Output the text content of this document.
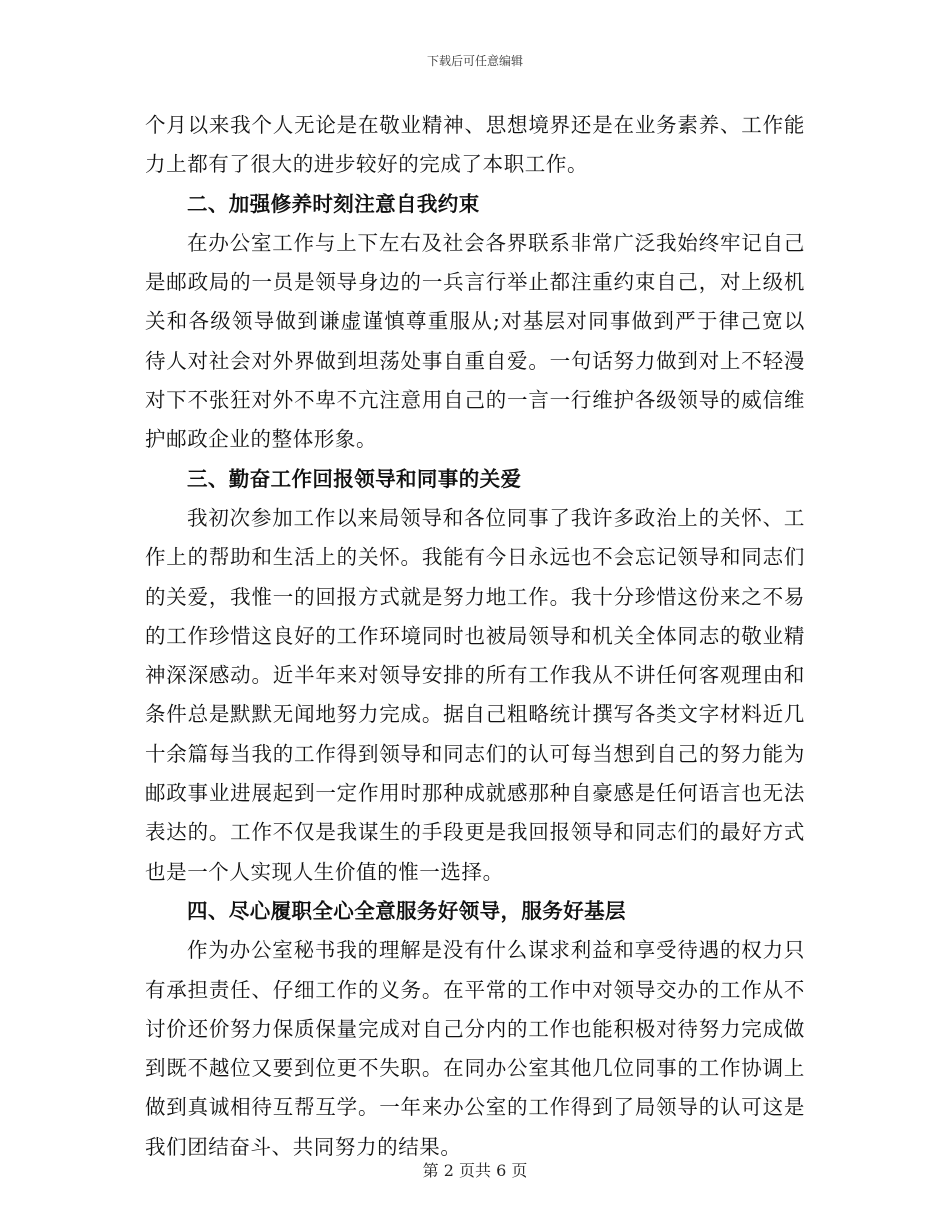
下载后可任意编辑

个月以来我个人无论是在敬业精神、思想境界还是在业务素养、工作能力上都有了很大的进步较好的完成了本职工作。

二、加强修养时刻注意自我约束

在办公室工作与上下左右及社会各界联系非常广泛我始终牢记自己是邮政局的一员是领导身边的一兵言行举止都注重约束自己，对上级机关和各级领导做到谦虚谨慎尊重服从;对基层对同事做到严于律己宽以待人对社会对外界做到坦荡处事自重自爱。一句话努力做到对上不轻漫对下不张狂对外不卑不亢注意用自己的一言一行维护各级领导的威信维护邮政企业的整体形象。

三、勤奋工作回报领导和同事的关爱

我初次参加工作以来局领导和各位同事了我许多政治上的关怀、工作上的帮助和生活上的关怀。我能有今日永远也不会忘记领导和同志们的关爱，我惟一的回报方式就是努力地工作。我十分珍惜这份来之不易的工作珍惜这良好的工作环境同时也被局领导和机关全体同志的敬业精神深深感动。近半年来对领导安排的所有工作我从不讲任何客观理由和条件总是默默无闻地努力完成。据自己粗略统计撰写各类文字材料近几十余篇每当我的工作得到领导和同志们的认可每当想到自己的努力能为邮政事业进展起到一定作用时那种成就感那种自豪感是任何语言也无法表达的。工作不仅是我谋生的手段更是我回报领导和同志们的最好方式也是一个人实现人生价值的惟一选择。

四、尽心履职全心全意服务好领导，服务好基层

作为办公室秘书我的理解是没有什么谋求利益和享受待遇的权力只有承担责任、仔细工作的义务。在平常的工作中对领导交办的工作从不讨价还价努力保质保量完成对自己分内的工作也能积极对待努力完成做到既不越位又要到位更不失职。在同办公室其他几位同事的工作协调上做到真诚相待互帮互学。一年来办公室的工作得到了局领导的认可这是我们团结奋斗、共同努力的结果。

第 2 页共 6 页
